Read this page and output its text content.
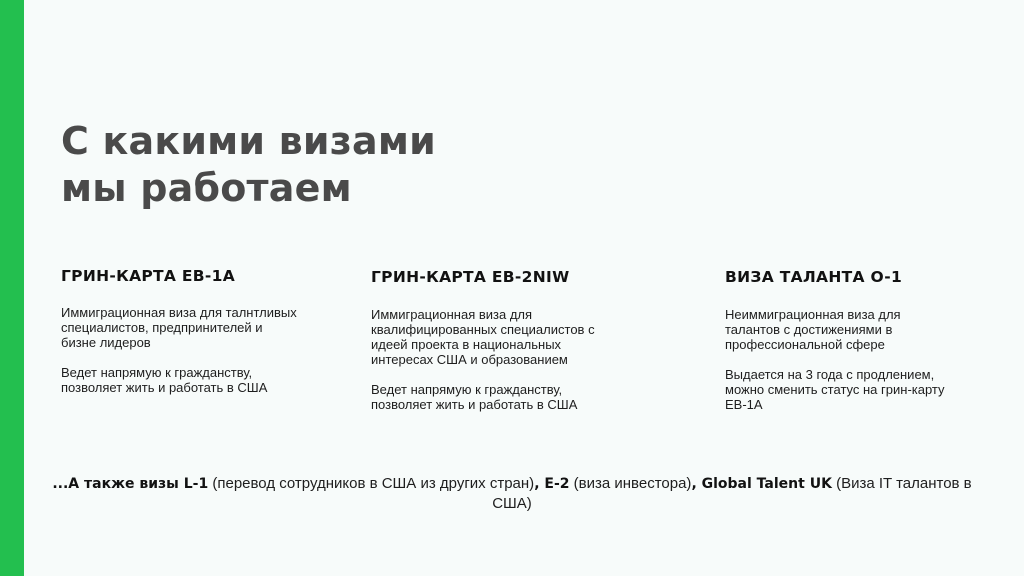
С какими визами
мы работаем
ГРИН-КАРТА EB-1A

Иммиграционная виза для талнтливых
специалистов, предпринителей и
бизне лидеров

Ведет напрямую к гражданству,
позволяет жить и работать в США

ГРИН-КАРТА EB-2NIW

Иммиграционная виза для
квалифицированных специалистов с
идеей проекта в национальных
интересах США и образованием

Ведет напрямую к гражданству,
позволяет жить и работать в США

ВИЗА ТАЛАНТА O-1

Неиммиграционная виза для
талантов с достижениями в
профессиональной сфере

Выдается на 3 года с продлением,
можно сменить статус на грин-карту
EB-1A

...А также визы L-1 (перевод сотрудников в США из других стран), E-2 (виза инвестора), Global Talent UK (Виза IT талантов в США)
